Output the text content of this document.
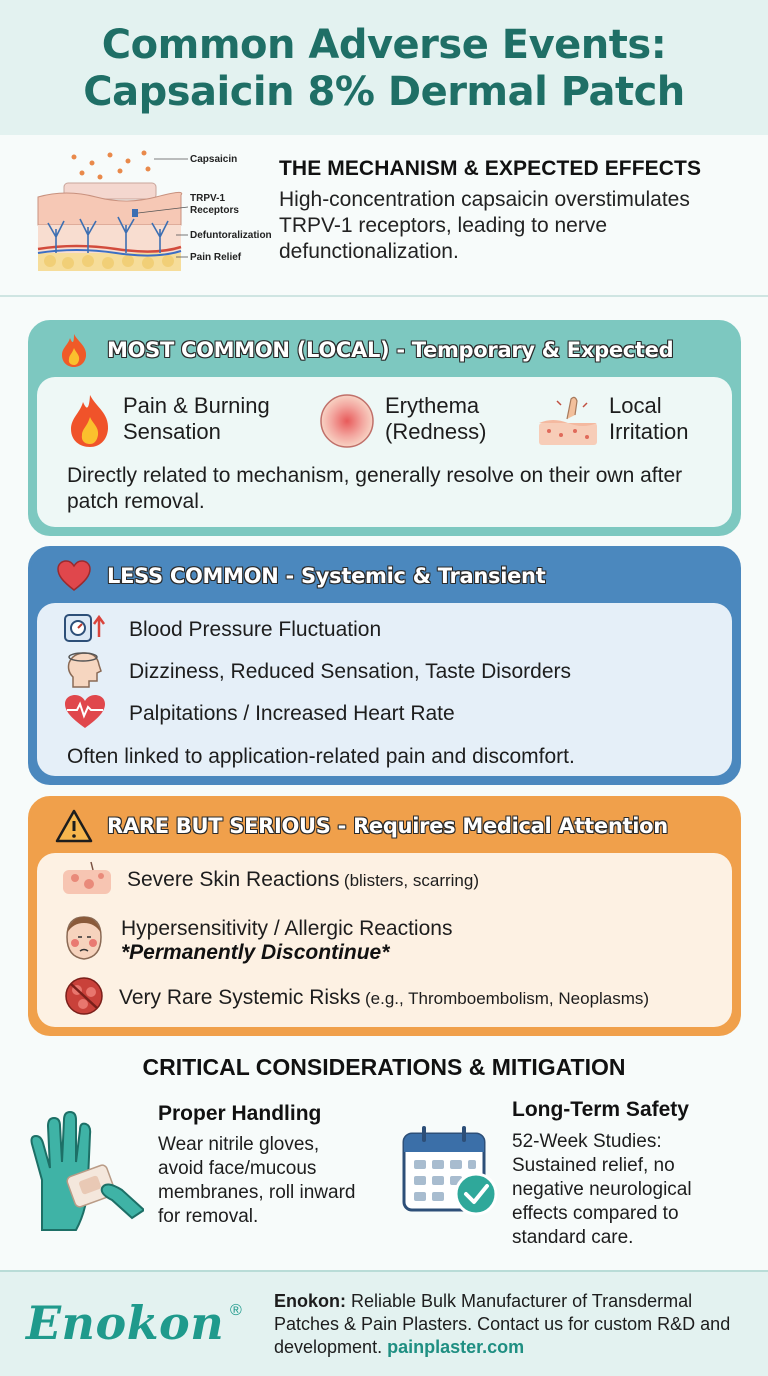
Common Adverse Events:
Capsaicin 8% Dermal Patch
Capsaicin
TRPV-1
Receptors
Defuntoralization
Pain Relief
THE MECHANISM & EXPECTED EFFECTS
High-concentration capsaicin overstimulates TRPV-1 receptors, leading to nerve defunctionalization.
MOST COMMON (LOCAL) - Temporary & Expected
Pain & Burning
Sensation
Erythema
(Redness)
Local
Irritation
Directly related to mechanism, generally resolve on their own after patch removal.
LESS COMMON - Systemic & Transient
Blood Pressure Fluctuation
Dizziness, Reduced Sensation, Taste Disorders
Palpitations / Increased Heart Rate
Often linked to application-related pain and discomfort.
RARE BUT SERIOUS - Requires Medical Attention
Severe Skin Reactions (blisters, scarring)
Hypersensitivity / Allergic Reactions
*Permanently Discontinue*
Very Rare Systemic Risks (e.g., Thromboembolism, Neoplasms)
CRITICAL CONSIDERATIONS & MITIGATION
Proper Handling
Wear nitrile gloves, avoid face/mucous membranes, roll inward for removal.
Long-Term Safety
52-Week Studies: Sustained relief, no negative neurological effects compared to standard care.
Enokon ® Enokon: Reliable Bulk Manufacturer of Transdermal Patches & Pain Plasters. Contact us for custom R&D and development. painplaster.com
